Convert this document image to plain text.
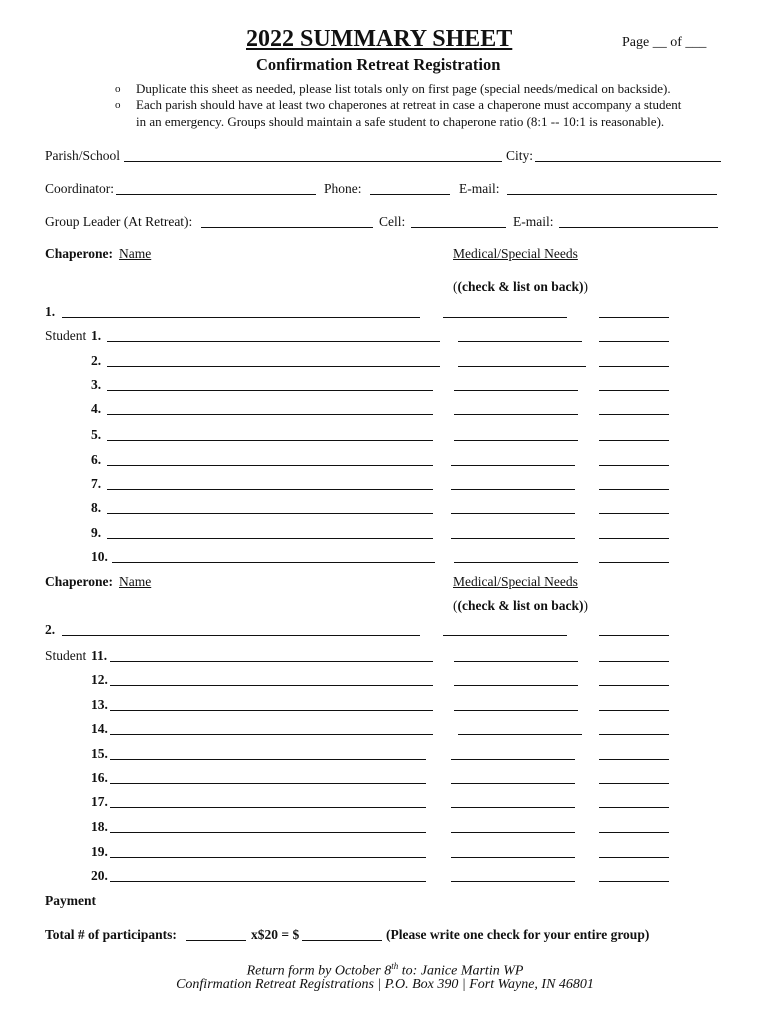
2022 SUMMARY SHEET	Page __ of ___
Confirmation Retreat Registration
o Duplicate this sheet as needed, please list totals only on first page (special needs/medical on backside).
o Each parish should have at least two chaperones at retreat in case a chaperone must accompany a student
in an emergency. Groups should maintain a safe student to chaperone ratio (8:1 -- 10:1 is reasonable).
Parish/School	City:
Coordinator:	Phone:	E-mail:
Group Leader (At Retreat):	Cell:	E-mail:
Chaperone: Name	Medical/Special Needs
((check & list on back))
1.
Student 1.
2.
3.
4.
5.
6.
7.
8.
9.
10.
Chaperone: Name	Medical/Special Needs
((check & list on back))
2.
Student 11.
12.
13.
14.
15.
16.
17.
18.
19.
20.
Payment
Total # of participants:	x$20 = $	(Please write one check for your entire group)
Return form by October 8th to: Janice Martin WP
Confirmation Retreat Registrations | P.O. Box 390 | Fort Wayne, IN 46801
